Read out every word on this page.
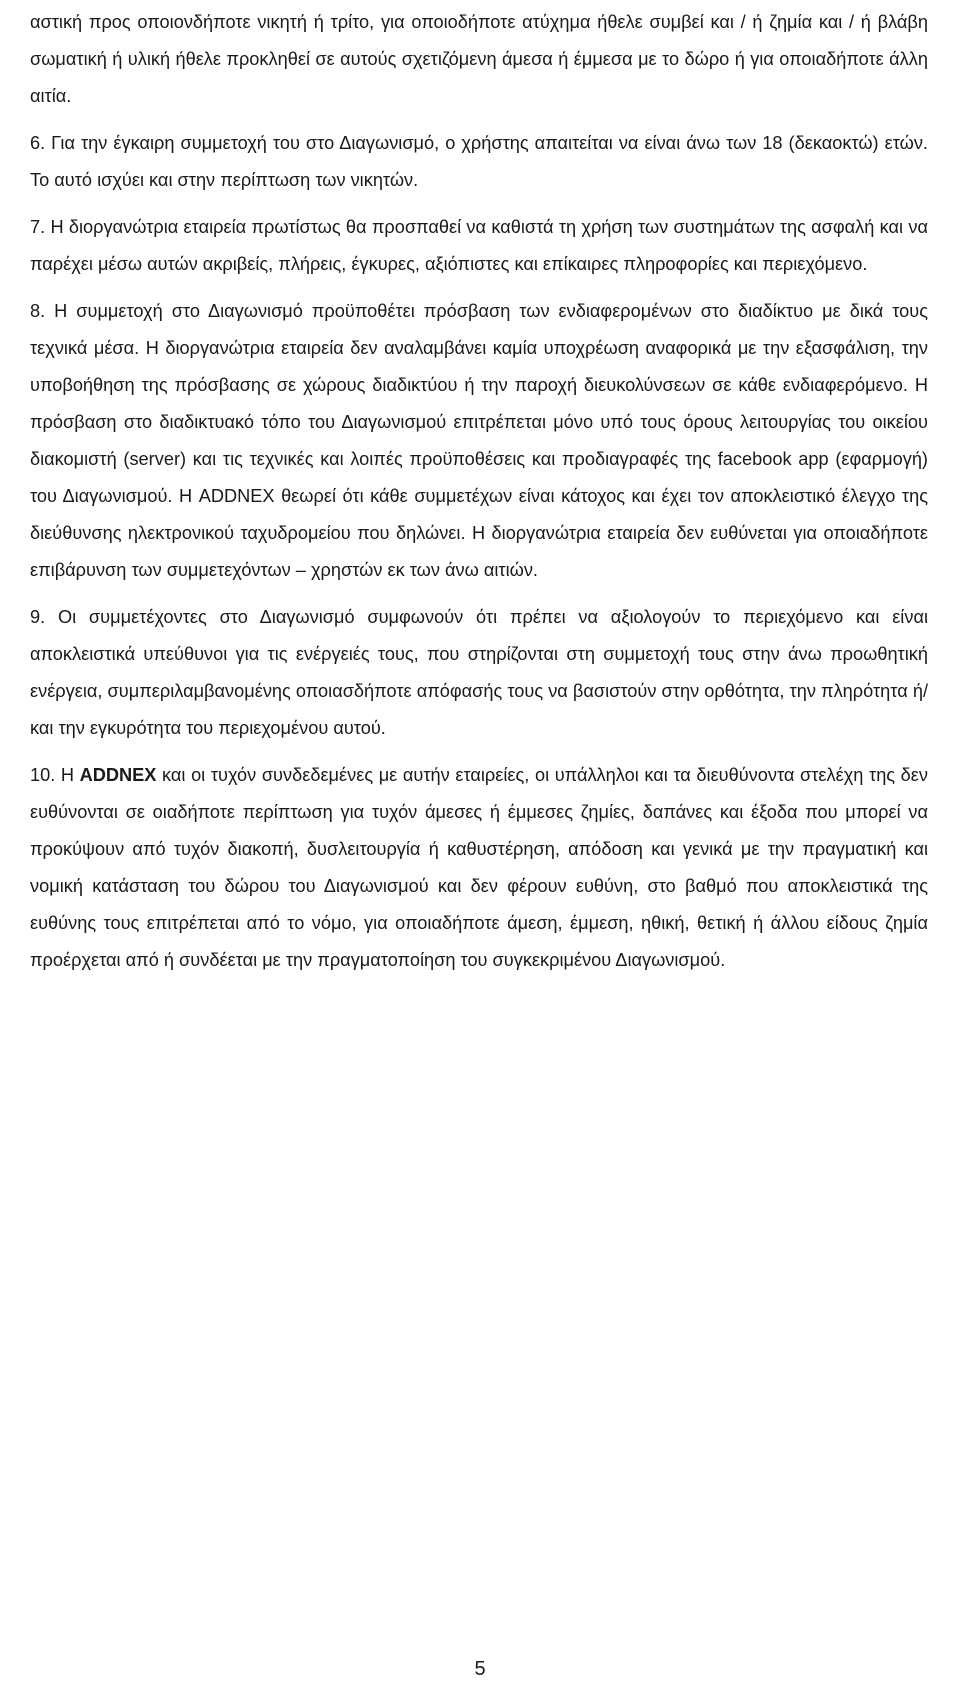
αστική προς οποιονδήποτε νικητή ή τρίτο, για οποιοδήποτε ατύχημα ήθελε συμβεί και / ή ζημία και / ή βλάβη σωματική ή υλική ήθελε προκληθεί σε αυτούς σχετιζόμενη άμεσα ή έμμεσα με το δώρο ή για οποιαδήποτε άλλη αιτία.

6. Για την έγκαιρη συμμετοχή του στο Διαγωνισμό, ο χρήστης απαιτείται να είναι άνω των 18 (δεκαοκτώ) ετών. Το αυτό ισχύει και στην περίπτωση των νικητών.

7. Η διοργανώτρια εταιρεία πρωτίστως θα προσπαθεί να καθιστά τη χρήση των συστημάτων της ασφαλή και να παρέχει μέσω αυτών ακριβείς, πλήρεις, έγκυρες, αξιόπιστες και επίκαιρες πληροφορίες και περιεχόμενο.

8. Η συμμετοχή στο Διαγωνισμό προϋποθέτει πρόσβαση των ενδιαφερομένων στο διαδίκτυο με δικά τους τεχνικά μέσα. Η διοργανώτρια εταιρεία δεν αναλαμβάνει καμία υποχρέωση αναφορικά με την εξασφάλιση, την υποβοήθηση της πρόσβασης σε χώρους διαδικτύου ή την παροχή διευκολύνσεων σε κάθε ενδιαφερόμενο. Η πρόσβαση στο διαδικτυακό τόπο του Διαγωνισμού επιτρέπεται μόνο υπό τους όρους λειτουργίας του οικείου διακομιστή (server) και τις τεχνικές και λοιπές προϋποθέσεις και προδιαγραφές της facebook app (εφαρμογή) του Διαγωνισμού. Η ADDNEX θεωρεί ότι κάθε συμμετέχων είναι κάτοχος και έχει τον αποκλειστικό έλεγχο της διεύθυνσης ηλεκτρονικού ταχυδρομείου που δηλώνει. Η διοργανώτρια εταιρεία δεν ευθύνεται για οποιαδήποτε επιβάρυνση των συμμετεχόντων – χρηστών εκ των άνω αιτιών.

9. Οι συμμετέχοντες στο Διαγωνισμό συμφωνούν ότι πρέπει να αξιολογούν το περιεχόμενο και είναι αποκλειστικά υπεύθυνοι για τις ενέργειές τους, που στηρίζονται στη συμμετοχή τους στην άνω προωθητική ενέργεια, συμπεριλαμβανομένης οποιασδήποτε απόφασής τους να βασιστούν στην ορθότητα, την πληρότητα ή/ και την εγκυρότητα του περιεχομένου αυτού.

10. Η ADDNEX και οι τυχόν συνδεδεμένες με αυτήν εταιρείες, οι υπάλληλοι και τα διευθύνοντα στελέχη της δεν ευθύνονται σε οιαδήποτε περίπτωση για τυχόν άμεσες ή έμμεσες ζημίες, δαπάνες και έξοδα που μπορεί να προκύψουν από τυχόν διακοπή, δυσλειτουργία ή καθυστέρηση, απόδοση και γενικά με την πραγματική και νομική κατάσταση του δώρου του Διαγωνισμού και δεν φέρουν ευθύνη, στο βαθμό που αποκλειστικά της ευθύνης τους επιτρέπεται από το νόμο, για οποιαδήποτε άμεση, έμμεση, ηθική, θετική ή άλλου είδους ζημία προέρχεται από ή συνδέεται με την πραγματοποίηση του συγκεκριμένου Διαγωνισμού.

5
